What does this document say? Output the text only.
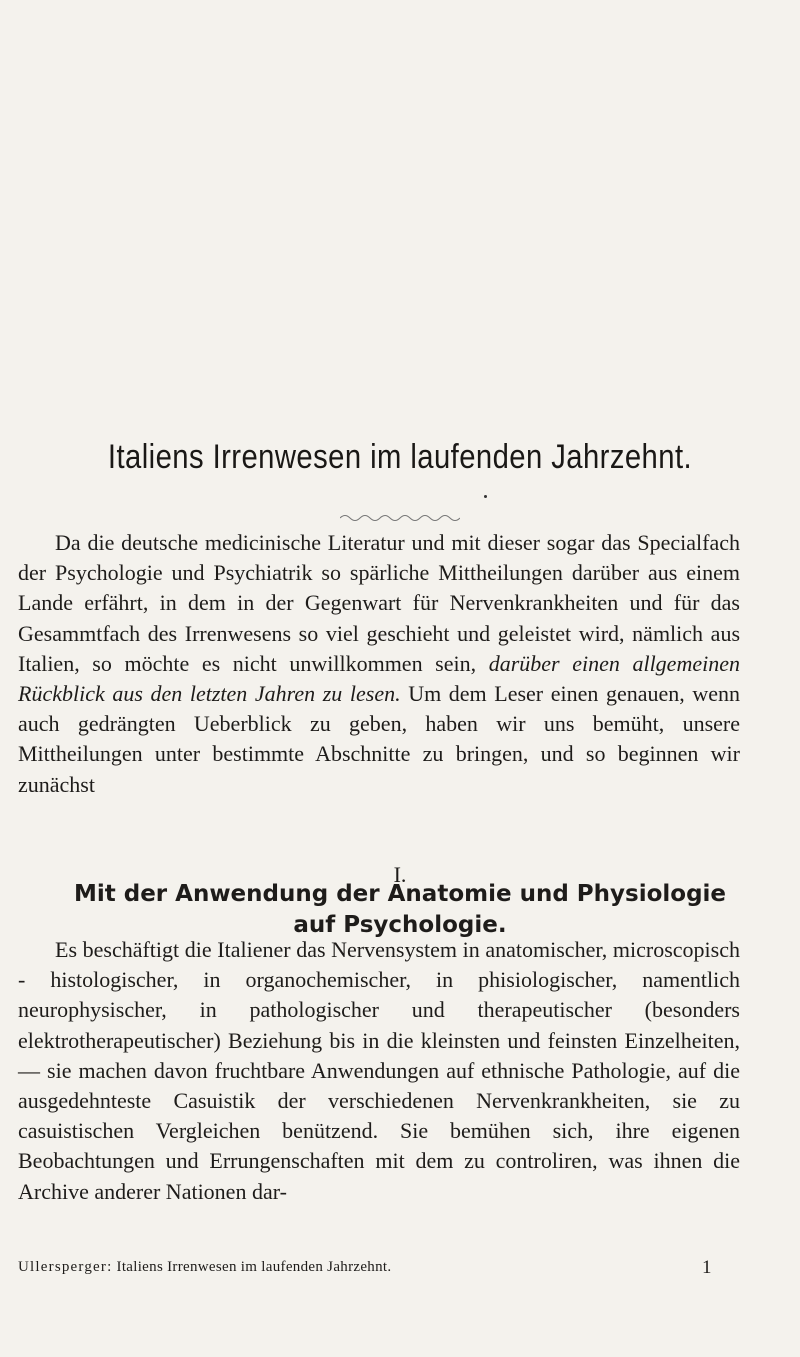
Italiens Irrenwesen im laufenden Jahrzehnt.

Da die deutsche medicinische Literatur und mit dieser sogar das Specialfach der Psychologie und Psychiatrik so spärliche Mittheilungen darüber aus einem Lande erfährt, in dem in der Gegenwart für Nervenkrankheiten und für das Gesammtfach des Irrenwesens so viel geschieht und geleistet wird, nämlich aus Italien, so möchte es nicht unwillkommen sein, darüber einen allgemeinen Rückblick aus den letzten Jahren zu lesen. Um dem Leser einen genauen, wenn auch gedrängten Ueberblick zu geben, haben wir uns bemüht, unsere Mittheilungen unter bestimmte Abschnitte zu bringen, und so beginnen wir zunächst

I.
Mit der Anwendung der Anatomie und Physiologie
auf Psychologie.

Es beschäftigt die Italiener das Nervensystem in anatomischer, microscopisch - histologischer, in organochemischer, in phisiologischer, namentlich neurophysischer, in pathologischer und therapeutischer (besonders elektrotherapeutischer) Beziehung bis in die kleinsten und feinsten Einzelheiten, — sie machen davon fruchtbare Anwendungen auf ethnische Pathologie, auf die ausgedehnteste Casuistik der verschiedenen Nervenkrankheiten, sie zu casuistischen Vergleichen benützend. Sie bemühen sich, ihre eigenen Beobachtungen und Errungenschaften mit dem zu controliren, was ihnen die Archive anderer Nationen dar-

Ullersperger: Italiens Irrenwesen im laufenden Jahrzehnt.	1
